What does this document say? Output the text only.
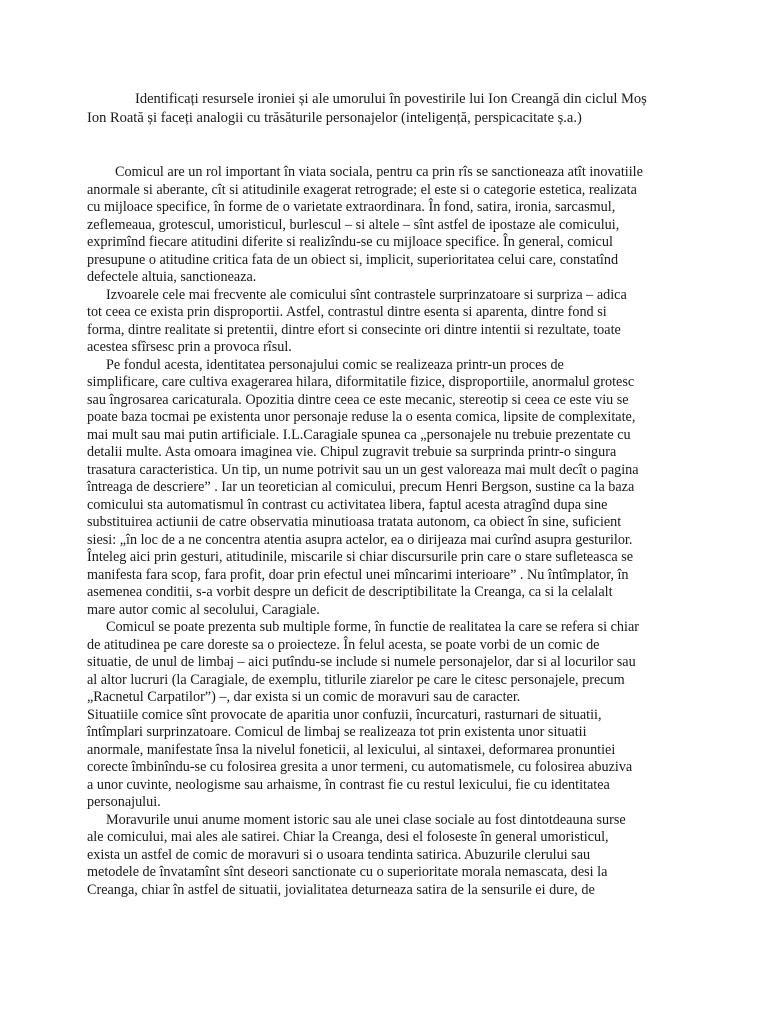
Identificați resursele ironiei și ale umorului în povestirile lui Ion Creangă din ciclul Moș
Ion Roată și faceți analogii cu trăsăturile personajelor (inteligență, perspicacitate ș.a.)
Comicul are un rol important în viata sociala, pentru ca prin rîs se sanctioneaza atît inovatiile
anormale si aberante, cît si atitudinile exagerat retrograde; el este si o categorie estetica, realizata
cu mijloace specifice, în forme de o varietate extraordinara. În fond, satira, ironia, sarcasmul,
zeflemeaua, grotescul, umoristicul, burlescul – si altele – sînt astfel de ipostaze ale comicului,
exprimînd fiecare atitudini diferite si realizîndu-se cu mijloace specifice. În general, comicul
presupune o atitudine critica fata de un obiect si, implicit, superioritatea celui care, constatînd
defectele altuia, sanctioneaza.
Izvoarele cele mai frecvente ale comicului sînt contrastele surprinzatoare si surpriza – adica
tot ceea ce exista prin disproportii. Astfel, contrastul dintre esenta si aparenta, dintre fond si
forma, dintre realitate si pretentii, dintre efort si consecinte ori dintre intentii si rezultate, toate
acestea sfîrsesc prin a provoca rîsul.
Pe fondul acesta, identitatea personajului comic se realizeaza printr-un proces de
simplificare, care cultiva exagerarea hilara, diformitatile fizice, disproportiile, anormalul grotesc
sau îngrosarea caricaturala. Opozitia dintre ceea ce este mecanic, stereotip si ceea ce este viu se
poate baza tocmai pe existenta unor personaje reduse la o esenta comica, lipsite de complexitate,
mai mult sau mai putin artificiale. I.L.Caragiale spunea ca „personajele nu trebuie prezentate cu
detalii multe. Asta omoara imaginea vie. Chipul zugravit trebuie sa surprinda printr-o singura
trasatura caracteristica. Un tip, un nume potrivit sau un un gest valoreaza mai mult decît o pagina
întreaga de descriere” . Iar un teoretician al comicului, precum Henri Bergson, sustine ca la baza
comicului sta automatismul în contrast cu activitatea libera, faptul acesta atragînd dupa sine
substituirea actiunii de catre observatia minutioasa tratata autonom, ca obiect în sine, suficient
siesi: „în loc de a ne concentra atentia asupra actelor, ea o dirijeaza mai curînd asupra gesturilor.
Înteleg aici prin gesturi, atitudinile, miscarile si chiar discursurile prin care o stare sufleteasca se
manifesta fara scop, fara profit, doar prin efectul unei mîncarimi interioare” . Nu întîmplator, în
asemenea conditii, s-a vorbit despre un deficit de descriptibilitate la Creanga, ca si la celalalt
mare autor comic al secolului, Caragiale.
Comicul se poate prezenta sub multiple forme, în functie de realitatea la care se refera si chiar
de atitudinea pe care doreste sa o proiecteze. În felul acesta, se poate vorbi de un comic de
situatie, de unul de limbaj – aici putîndu-se include si numele personajelor, dar si al locurilor sau
al altor lucruri (la Caragiale, de exemplu, titlurile ziarelor pe care le citesc personajele, precum
„Racnetul Carpatilor”) –, dar exista si un comic de moravuri sau de caracter.
Situatiile comice sînt provocate de aparitia unor confuzii, încurcaturi, rasturnari de situatii,
întîmplari surprinzatoare. Comicul de limbaj se realizeaza tot prin existenta unor situatii
anormale, manifestate însa la nivelul foneticii, al lexicului, al sintaxei, deformarea pronuntiei
corecte îmbinîndu-se cu folosirea gresita a unor termeni, cu automatismele, cu folosirea abuziva
a unor cuvinte, neologisme sau arhaisme, în contrast fie cu restul lexicului, fie cu identitatea
personajului.
Moravurile unui anume moment istoric sau ale unei clase sociale au fost dintotdeauna surse
ale comicului, mai ales ale satirei. Chiar la Creanga, desi el foloseste în general umoristicul,
exista un astfel de comic de moravuri si o usoara tendinta satirica. Abuzurile clerului sau
metodele de învatamînt sînt deseori sanctionate cu o superioritate morala nemascata, desi la
Creanga, chiar în astfel de situatii, jovialitatea deturneaza satira de la sensurile ei dure, de
